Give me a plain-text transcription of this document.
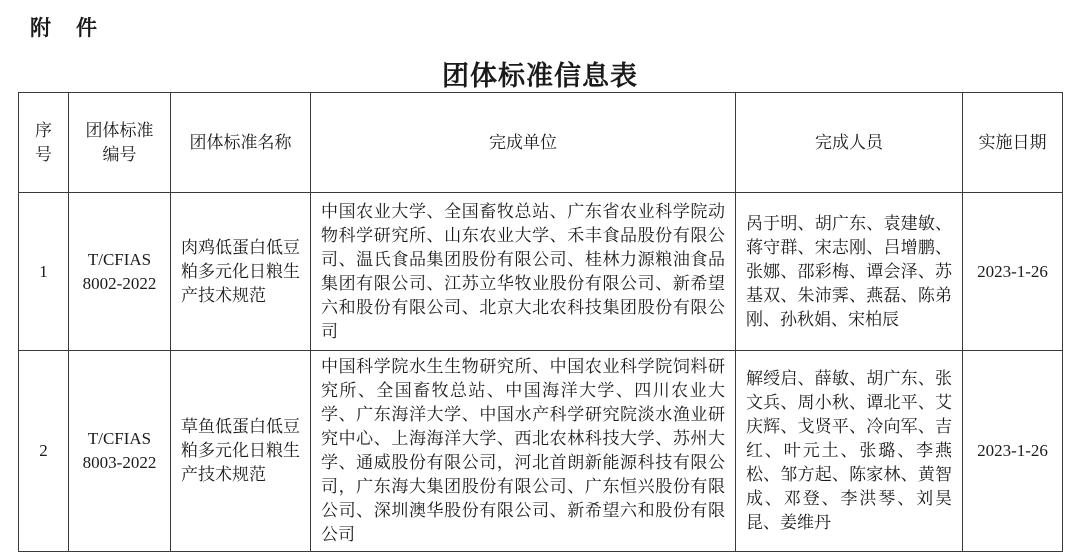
附　件
团体标准信息表
序号	团体标准编号	团体标准名称	完成单位	完成人员	实施日期
1	T/CFIAS 8002-2022	肉鸡低蛋白低豆粕多元化日粮生产技术规范	中国农业大学、全国畜牧总站、广东省农业科学院动物科学研究所、山东农业大学、禾丰食品股份有限公司、温氏食品集团股份有限公司、桂林力源粮油食品集团有限公司、江苏立华牧业股份有限公司、新希望六和股份有限公司、北京大北农科技集团股份有限公司	呙于明、胡广东、袁建敏、蒋守群、宋志刚、吕增鹏、张娜、邵彩梅、谭会泽、苏基双、朱沛霁、燕磊、陈弟刚、孙秋娟、宋柏辰	2023-1-26
2	T/CFIAS 8003-2022	草鱼低蛋白低豆粕多元化日粮生产技术规范	中国科学院水生生物研究所、中国农业科学院饲料研究所、全国畜牧总站、中国海洋大学、四川农业大学、广东海洋大学、中国水产科学研究院淡水渔业研究中心、上海海洋大学、西北农林科技大学、苏州大学、通威股份有限公司，河北首朗新能源科技有限公司，广东海大集团股份有限公司、广东恒兴股份有限公司、深圳澳华股份有限公司、新希望六和股份有限公司	解绶启、薛敏、胡广东、张文兵、周小秋、谭北平、艾庆辉、戈贤平、冷向军、吉红、叶元土、张璐、李燕松、邹方起、陈家林、黄智成、邓登、李洪琴、刘昊昆、姜维丹	2023-1-26
